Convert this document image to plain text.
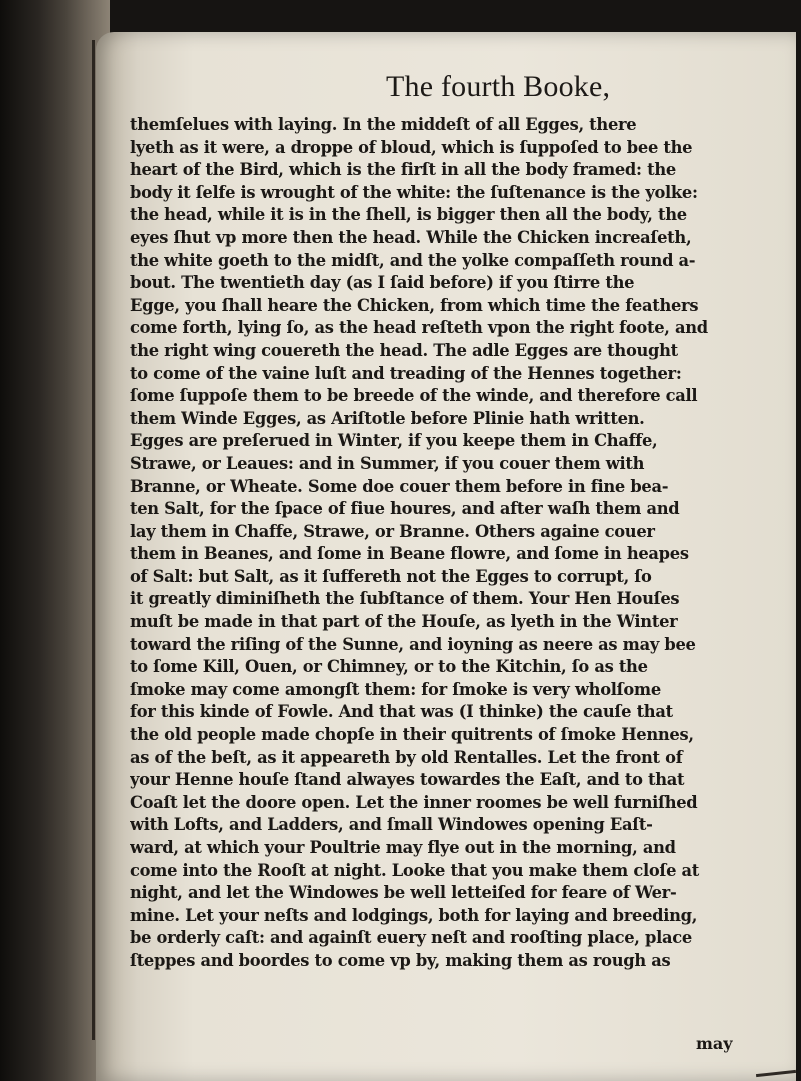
The fourth Booke,
themſelues with laying. In the middeſt of all Egges, there
lyeth as it were, a droppe of bloud, which is ſuppoſed to bee the
heart of the Bird, which is the firſt in all the body framed: the
body it ſelfe is wrought of the white: the ſuſtenance is the yolke:
the head, while it is in the ſhell, is bigger then all the body, the
eyes ſhut vp more then the head. While the Chicken increaſeth,
the white goeth to the midſt, and the yolke compaſſeth round a-
bout. The twentieth day (as I ſaid before) if you ſtirre the
Egge, you ſhall heare the Chicken, from which time the feathers
come forth, lying ſo, as the head reſteth vpon the right foote, and
the right wing couereth the head. The adle Egges are thought
to come of the vaine luſt and treading of the Hennes together:
ſome ſuppoſe them to be breede of the winde, and therefore call
them Winde Egges, as Ariſtotle before Plinie hath written.
Egges are preſerued in Winter, if you keepe them in Chaffe,
Strawe, or Leaues: and in Summer, if you couer them with
Branne, or Wheate. Some doe couer them before in fine bea-
ten Salt, for the ſpace of fiue houres, and after waſh them and
lay them in Chaffe, Strawe, or Branne. Others againe couer
them in Beanes, and ſome in Beane flowre, and ſome in heapes
of Salt: but Salt, as it ſuffereth not the Egges to corrupt, ſo
it greatly diminiſheth the ſubſtance of them. Your Hen Houſes
muſt be made in that part of the Houſe, as lyeth in the Winter
toward the riſing of the Sunne, and ioyning as neere as may bee
to ſome Kill, Ouen, or Chimney, or to the Kitchin, ſo as the
ſmoke may come amongſt them: for ſmoke is very wholſome
for this kinde of Fowle. And that was (I thinke) the cauſe that
the old people made chopſe in their quitrents of ſmoke Hennes,
as of the beſt, as it appeareth by old Rentalles. Let the front of
your Henne houſe ſtand alwayes towardes the Eaſt, and to that
Coaſt let the doore open. Let the inner roomes be well furniſhed
with Lofts, and Ladders, and ſmall Windowes opening Eaſt-
ward, at which your Poultrie may flye out in the morning, and
come into the Rooſt at night. Looke that you make them cloſe at
night, and let the Windowes be well letteiſed for feare of Wer-
mine. Let your neſts and lodgings, both for laying and breeding,
be orderly caſt: and againſt euery neſt and rooſting place, place
ſteppes and boordes to come vp by, making them as rough as
may
